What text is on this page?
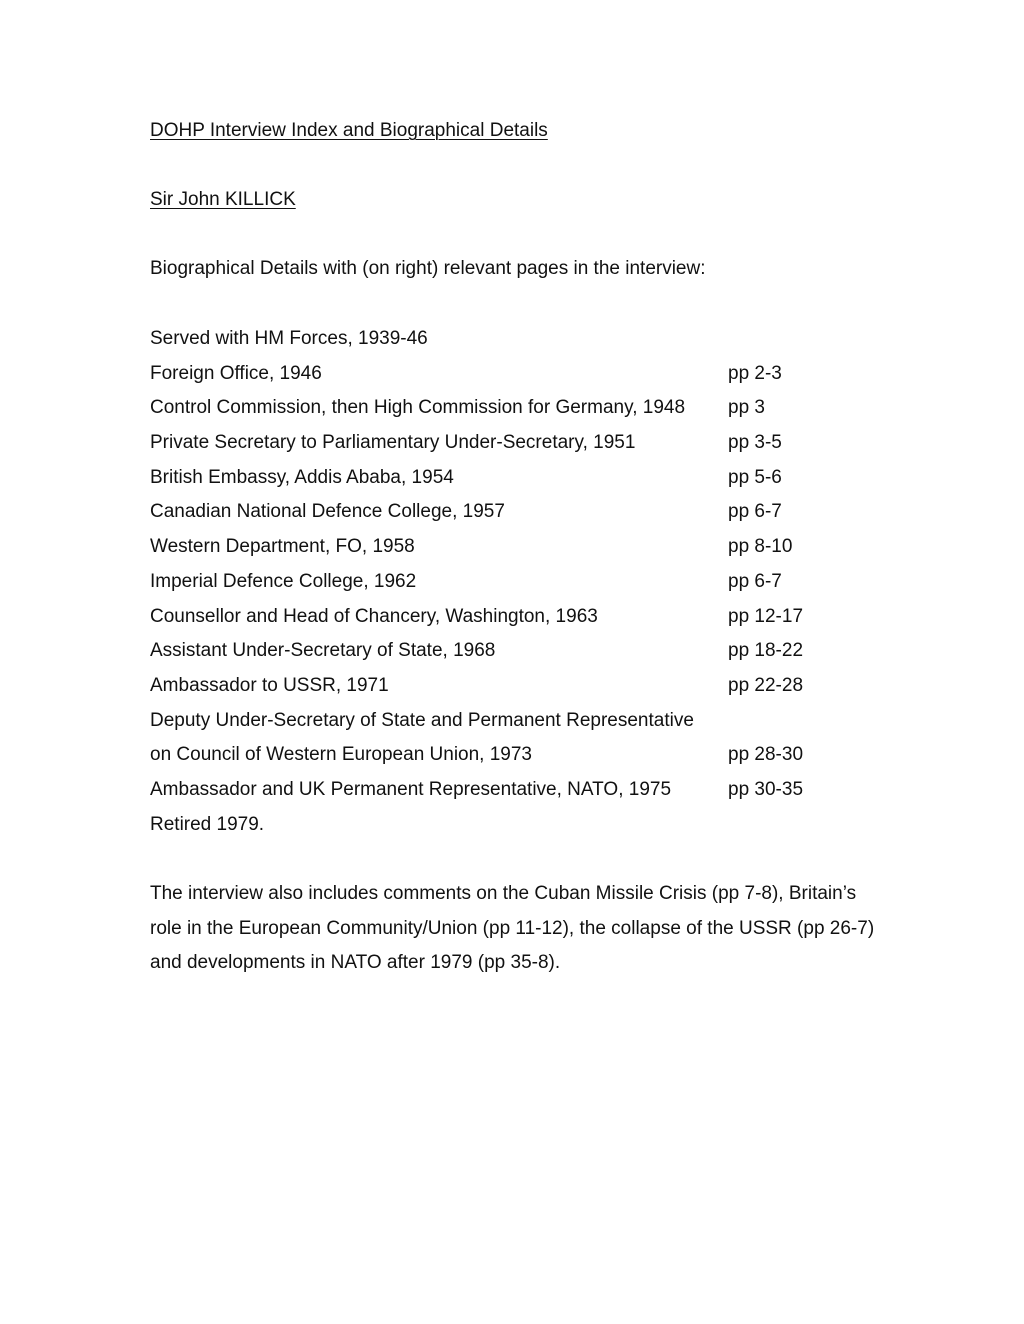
DOHP Interview Index and Biographical Details
Sir John KILLICK
Biographical Details with (on right) relevant pages in the interview:
Served with HM Forces, 1939-46
Foreign Office, 1946	pp 2-3
Control Commission, then High Commission for Germany, 1948 pp 3
Private Secretary to Parliamentary Under-Secretary, 1951	pp 3-5
British Embassy, Addis Ababa, 1954	pp 5-6
Canadian National Defence College, 1957	pp 6-7
Western Department, FO, 1958	pp 8-10
Imperial Defence College, 1962	pp 6-7
Counsellor and Head of Chancery, Washington, 1963	pp 12-17
Assistant Under-Secretary of State, 1968	pp 18-22
Ambassador to USSR, 1971	pp 22-28
Deputy Under-Secretary of State and Permanent Representative
on Council of Western European Union, 1973	pp 28-30
Ambassador and UK Permanent Representative, NATO, 1975	pp 30-35
Retired 1979.
The interview also includes comments on the Cuban Missile Crisis (pp 7-8), Britain’s
role in the European Community/Union (pp 11-12), the collapse of the USSR (pp 26-7)
and developments in NATO after 1979 (pp 35-8).
